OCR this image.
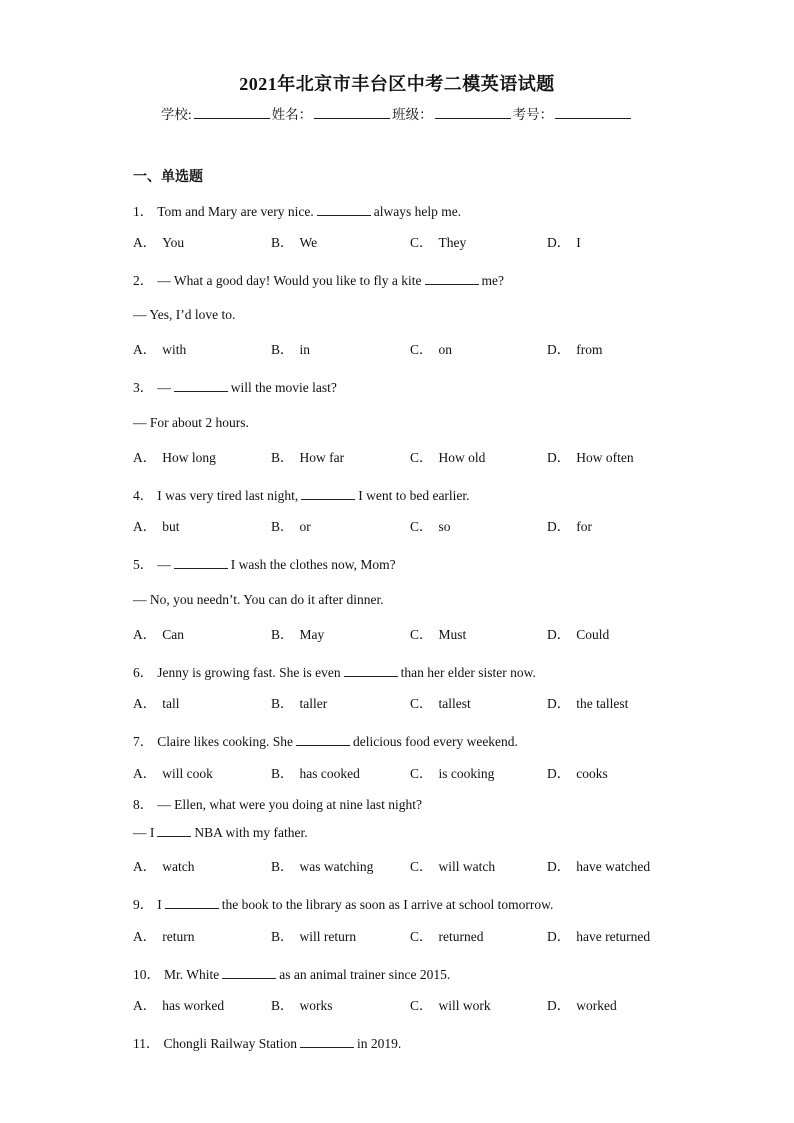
2021年北京市丰台区中考二模英语试题
学校:	姓名：	班级：	考号：
一、单选题
1． Tom and Mary are very nice.	always help me.
A． You	B． We	C． They	D． I
2． — What a good day! Would you like to fly a kite	me?
— Yes, I’d love to.
A． with	B． in	C． on	D． from
3． —	will the movie last?
— For about 2 hours.
A． How long	B． How far	C． How old	D． How often
4． I was very tired last night,	I went to bed earlier.
A． but	B． or	C． so	D． for
5． —	I wash the clothes now, Mom?
— No, you needn’t. You can do it after dinner.
A． Can	B． May	C． Must	D． Could
6． Jenny is growing fast. She is even	than her elder sister now.
A． tall	B． taller	C． tallest	D． the tallest
7． Claire likes cooking. She	delicious food every weekend.
A． will cook	B． has cooked	C． is cooking	D． cooks
8． — Ellen, what were you doing at nine last night?
— I	NBA with my father.
A． watch	B． was watching	C． will watch	D． have watched
9． I	the book to the library as soon as I arrive at school tomorrow.
A． return	B． will return	C． returned	D． have returned
10． Mr. White	as an animal trainer since 2015.
A． has worked	B． works	C． will work	D． worked
11． Chongli Railway Station	in 2019.
